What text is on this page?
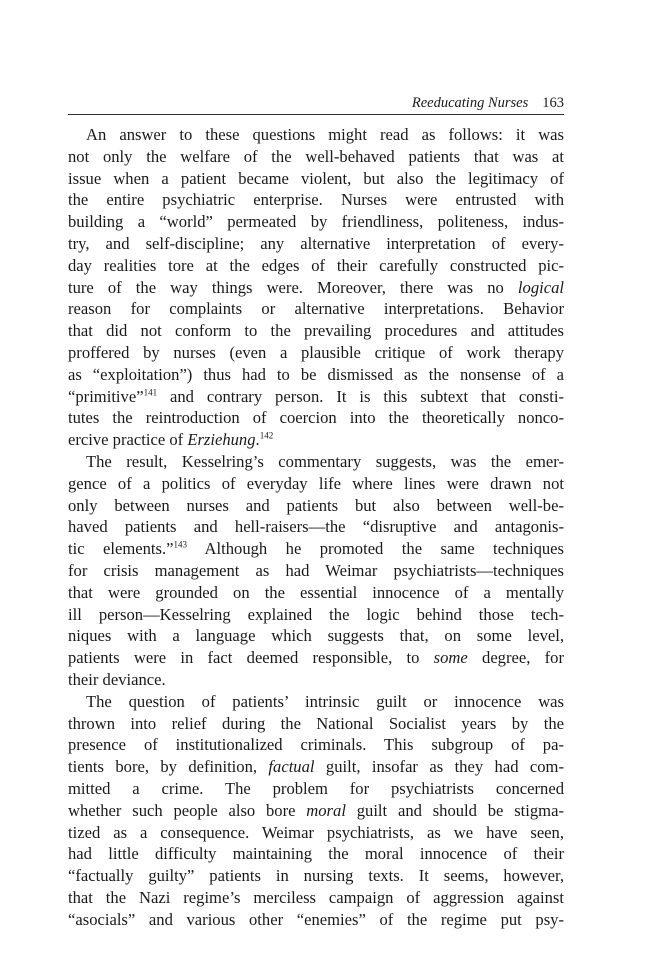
Reeducating Nurses 163
An answer to these questions might read as follows: it was
not only the welfare of the well-behaved patients that was at
issue when a patient became violent, but also the legitimacy of
the entire psychiatric enterprise. Nurses were entrusted with
building a “world” permeated by friendliness, politeness, indus-
try, and self-discipline; any alternative interpretation of every-
day realities tore at the edges of their carefully constructed pic-
ture of the way things were. Moreover, there was no logical
reason for complaints or alternative interpretations. Behavior
that did not conform to the prevailing procedures and attitudes
proffered by nurses (even a plausible critique of work therapy
as “exploitation”) thus had to be dismissed as the nonsense of a
“primitive”$^{141}$ and contrary person. It is this subtext that consti-
tutes the reintroduction of coercion into the theoretically nonco-
ercive practice of Erziehung.$^{142}$
The result, Kesselring’s commentary suggests, was the emer-
gence of a politics of everyday life where lines were drawn not
only between nurses and patients but also between well-be-
haved patients and hell-raisers—the “disruptive and antagonis-
tic elements.”$^{143}$ Although he promoted the same techniques
for crisis management as had Weimar psychiatrists—techniques
that were grounded on the essential innocence of a mentally
ill person—Kesselring explained the logic behind those tech-
niques with a language which suggests that, on some level,
patients were in fact deemed responsible, to some degree, for
their deviance.
The question of patients’ intrinsic guilt or innocence was
thrown into relief during the National Socialist years by the
presence of institutionalized criminals. This subgroup of pa-
tients bore, by definition, factual guilt, insofar as they had com-
mitted a crime. The problem for psychiatrists concerned
whether such people also bore moral guilt and should be stigma-
tized as a consequence. Weimar psychiatrists, as we have seen,
had little difficulty maintaining the moral innocence of their
“factually guilty” patients in nursing texts. It seems, however,
that the Nazi regime’s merciless campaign of aggression against
“asocials” and various other “enemies” of the regime put psy-
